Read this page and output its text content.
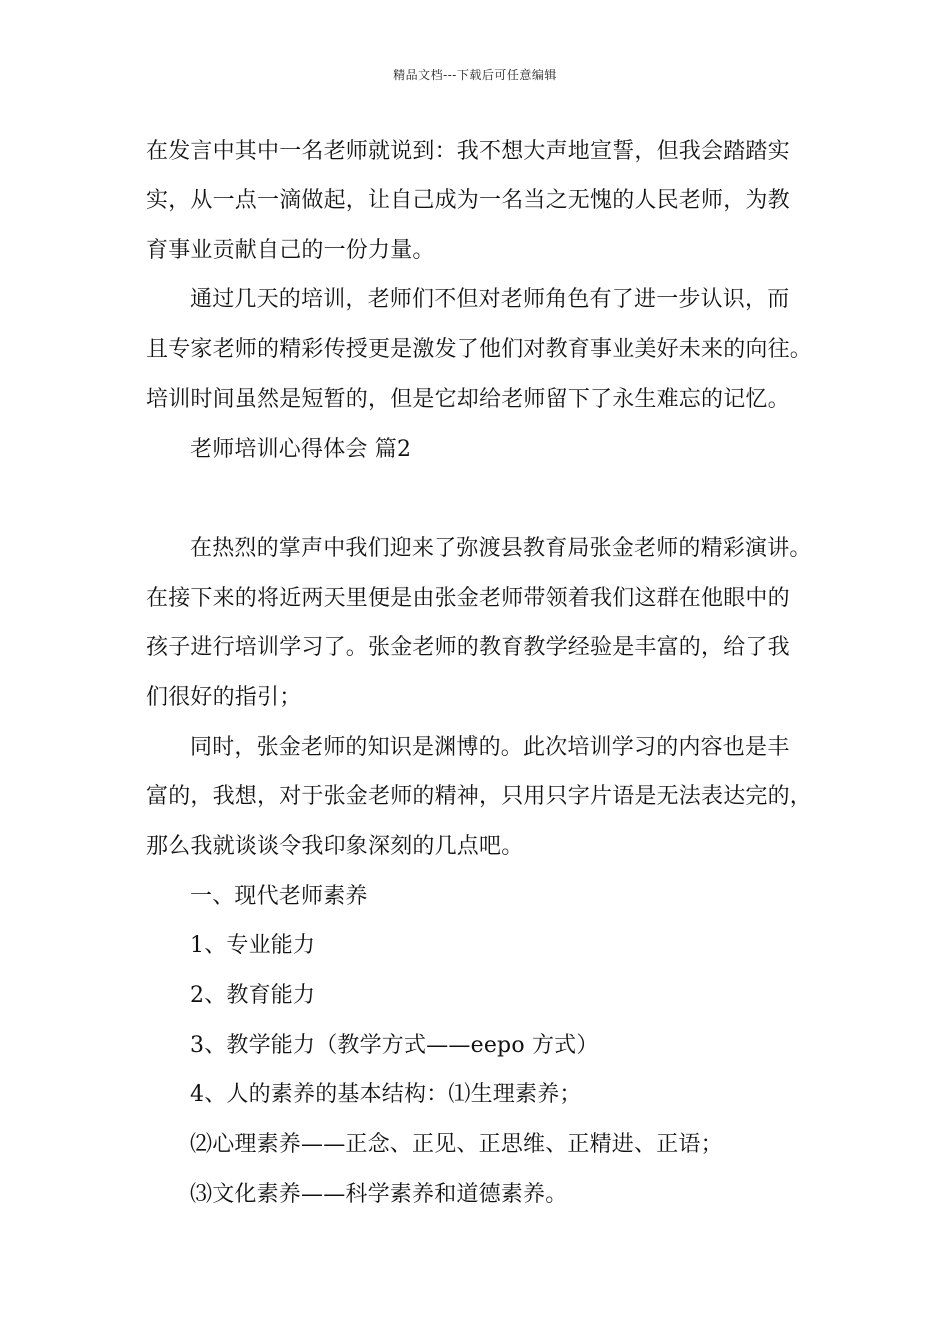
精品文档---下载后可任意编辑
在发言中其中一名老师就说到：我不想大声地宣誓，但我会踏踏实
实，从一点一滴做起，让自己成为一名当之无愧的人民老师，为教
育事业贡献自己的一份力量。
通过几天的培训，老师们不但对老师角色有了进一步认识，而
且专家老师的精彩传授更是激发了他们对教育事业美好未来的向往。
培训时间虽然是短暂的，但是它却给老师留下了永生难忘的记忆。
老师培训心得体会 篇2
在热烈的掌声中我们迎来了弥渡县教育局张金老师的精彩演讲。
在接下来的将近两天里便是由张金老师带领着我们这群在他眼中的
孩子进行培训学习了。张金老师的教育教学经验是丰富的，给了我
们很好的指引；
同时，张金老师的知识是渊博的。此次培训学习的内容也是丰
富的，我想，对于张金老师的精神，只用只字片语是无法表达完的，
那么我就谈谈令我印象深刻的几点吧。
一、现代老师素养
1、专业能力
2、教育能力
3、教学能力（教学方式——eepo 方式）
4、人的素养的基本结构：⑴生理素养；
⑵心理素养——正念、正见、正思维、正精进、正语；
⑶文化素养——科学素养和道德素养。
